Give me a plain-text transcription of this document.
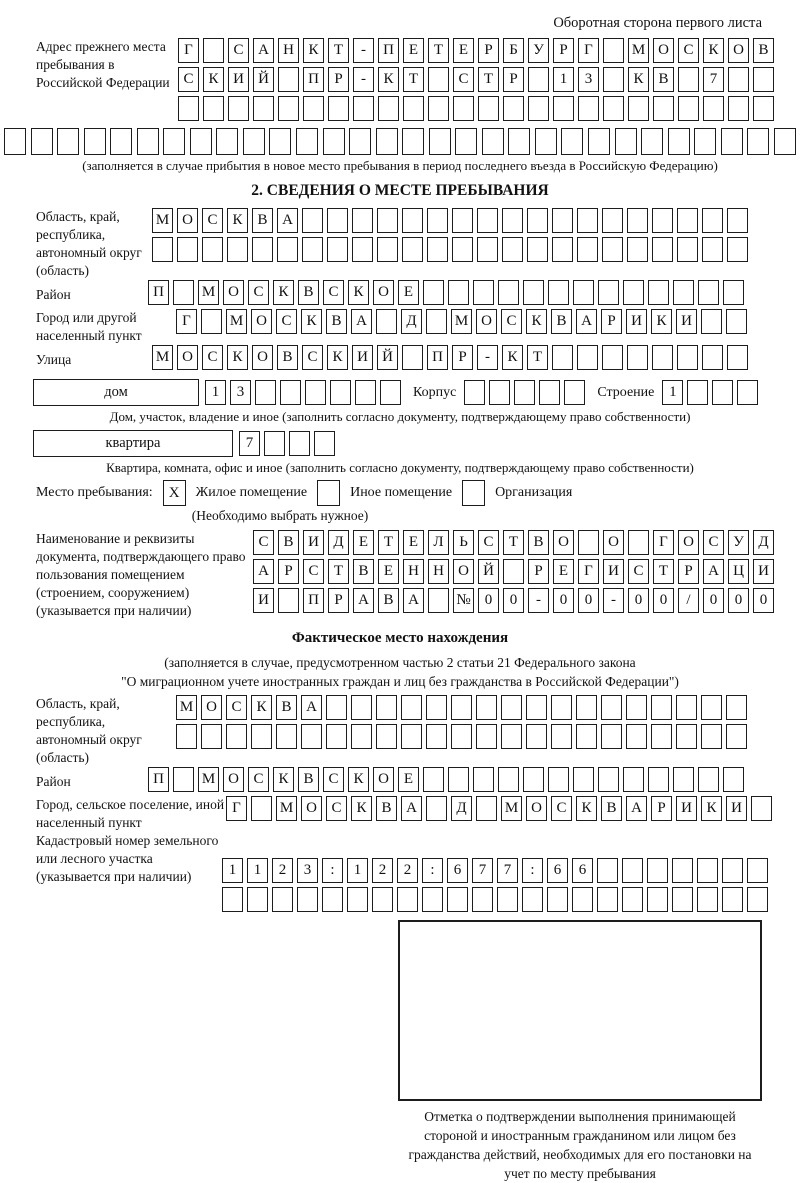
Оборотная сторона первого листа
Адрес прежнего места пребывания в Российской Федерации
Г	С А Н К	Т	-	П Е	Т	Е	Р	Б	У	Р	Г	М О С К О В
С К И Й	П	Р	-	К	Т	С	Т	Р	1	3	К В	7
(заполняется в случае прибытия в новое место пребывания в период последнего въезда в Российскую Федерацию)
2. СВЕДЕНИЯ О МЕСТЕ ПРЕБЫВАНИЯ
Область, край, республика, автономный округ (область)
М О С К В А
Район	П	М О С К В С К О Е
Город или другой населенный пункт
Г	М О С К В А	Д	М О С К В А	Р	И К И
Улица	М О С К О В С К И Й	П	Р	-	К	Т
дом	1	3	Корпус	Строение 1
Дом, участок, владение и иное (заполнить согласно документу, подтверждающему право собственности)
квартира	7
Квартира, комната, офис и иное (заполнить согласно документу, подтверждающему право собственности)
Место пребывания:	X	Жилое помещение	Иное помещение	Организация
(Необходимо выбрать нужное)
Наименование и реквизиты документа, подтверждающего право пользования помещением (строением, сооружением) (указывается при наличии)
С В И Д	Е	Т	Е	Л	Ь	С	Т	В О	О	Г	О С У Д
А	Р	С	Т	В	Е	Н Н О Й	Р	Е	Г	И С	Т	Р	А Ц И
И	П	Р	А В А	№ 0	0	-	0	0	-	0	0	/	0	0	0
Фактическое место нахождения
(заполняется в случае, предусмотренном частью 2 статьи 21 Федерального закона
"О миграционном учете иностранных граждан и лиц без гражданства в Российской Федерации")
Область, край, республика, автономный округ (область)
М О С К В А
Район	П	М О С К В С К О Е
Город, сельское поселение, иной населенный пункт
Г	М О С К В А	Д	М О С К В А	Р	И К И
Кадастровый номер земельного или лесного участка (указывается при наличии)	1	1	2	3	:	1	2	2	:	6	7	7	:	6	6
Отметка о подтверждении выполнения принимающей стороной и иностранным гражданином или лицом без гражданства действий, необходимых для его постановки на учет по месту пребывания
